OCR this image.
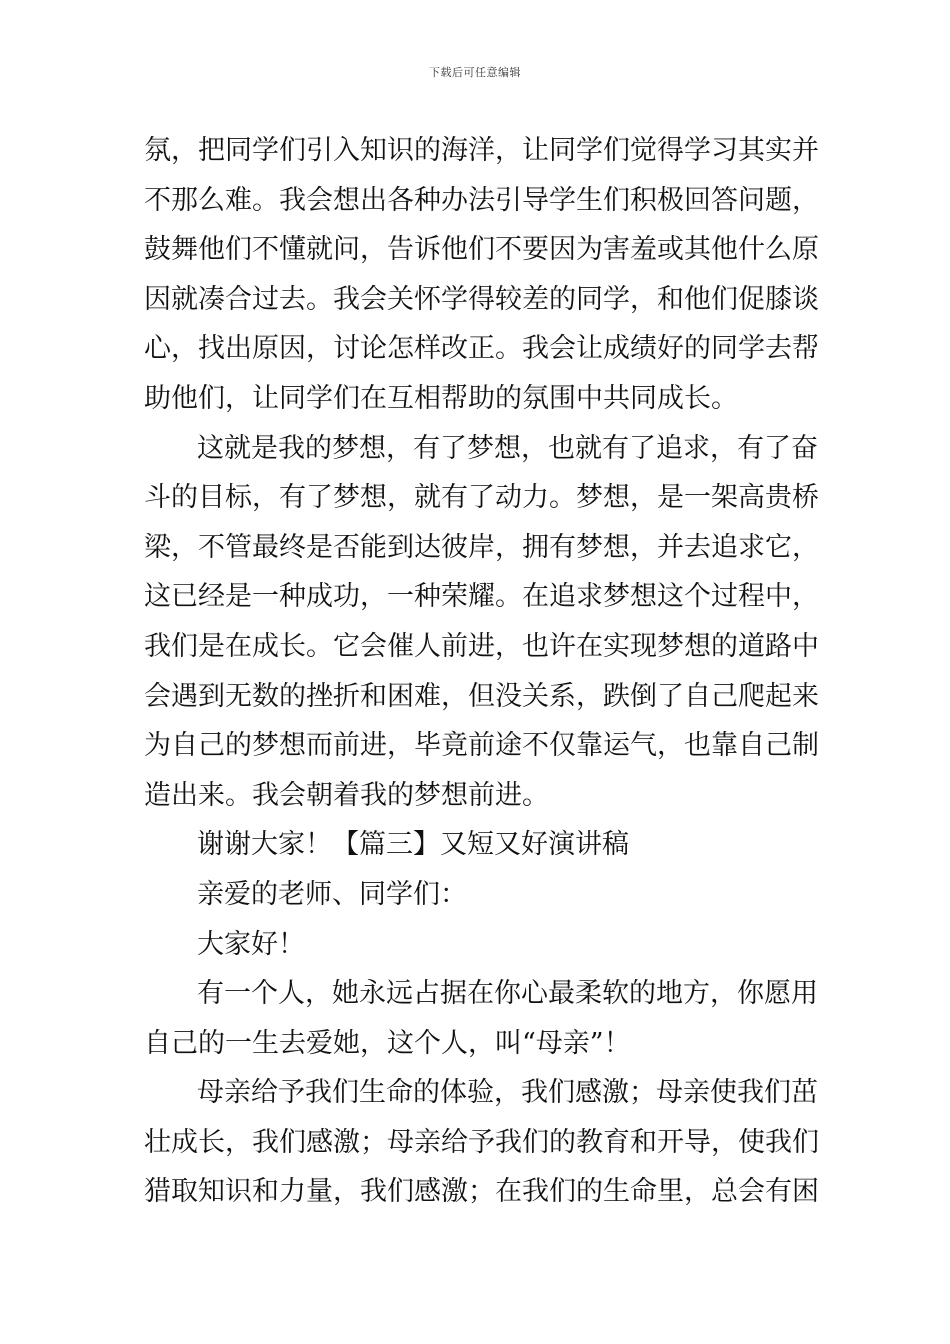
下载后可任意编辑
氛，把同学们引入知识的海洋，让同学们觉得学习其实并
不那么难。我会想出各种办法引导学生们积极回答问题，
鼓舞他们不懂就问，告诉他们不要因为害羞或其他什么原
因就凑合过去。我会关怀学得较差的同学，和他们促膝谈
心，找出原因，讨论怎样改正。我会让成绩好的同学去帮
助他们，让同学们在互相帮助的氛围中共同成长。
这就是我的梦想，有了梦想，也就有了追求，有了奋
斗的目标，有了梦想，就有了动力。梦想，是一架高贵桥
梁，不管最终是否能到达彼岸，拥有梦想，并去追求它，
这已经是一种成功，一种荣耀。在追求梦想这个过程中，
我们是在成长。它会催人前进，也许在实现梦想的道路中
会遇到无数的挫折和困难，但没关系，跌倒了自己爬起来
为自己的梦想而前进，毕竟前途不仅靠运气，也靠自己制
造出来。我会朝着我的梦想前进。
谢谢大家！【篇三】又短又好演讲稿
亲爱的老师、同学们：
大家好！
有一个人，她永远占据在你心最柔软的地方，你愿用
自己的一生去爱她，这个人，叫“母亲”！
母亲给予我们生命的体验，我们感激；母亲使我们茁
壮成长，我们感激；母亲给予我们的教育和开导，使我们
猎取知识和力量，我们感激；在我们的生命里，总会有困
